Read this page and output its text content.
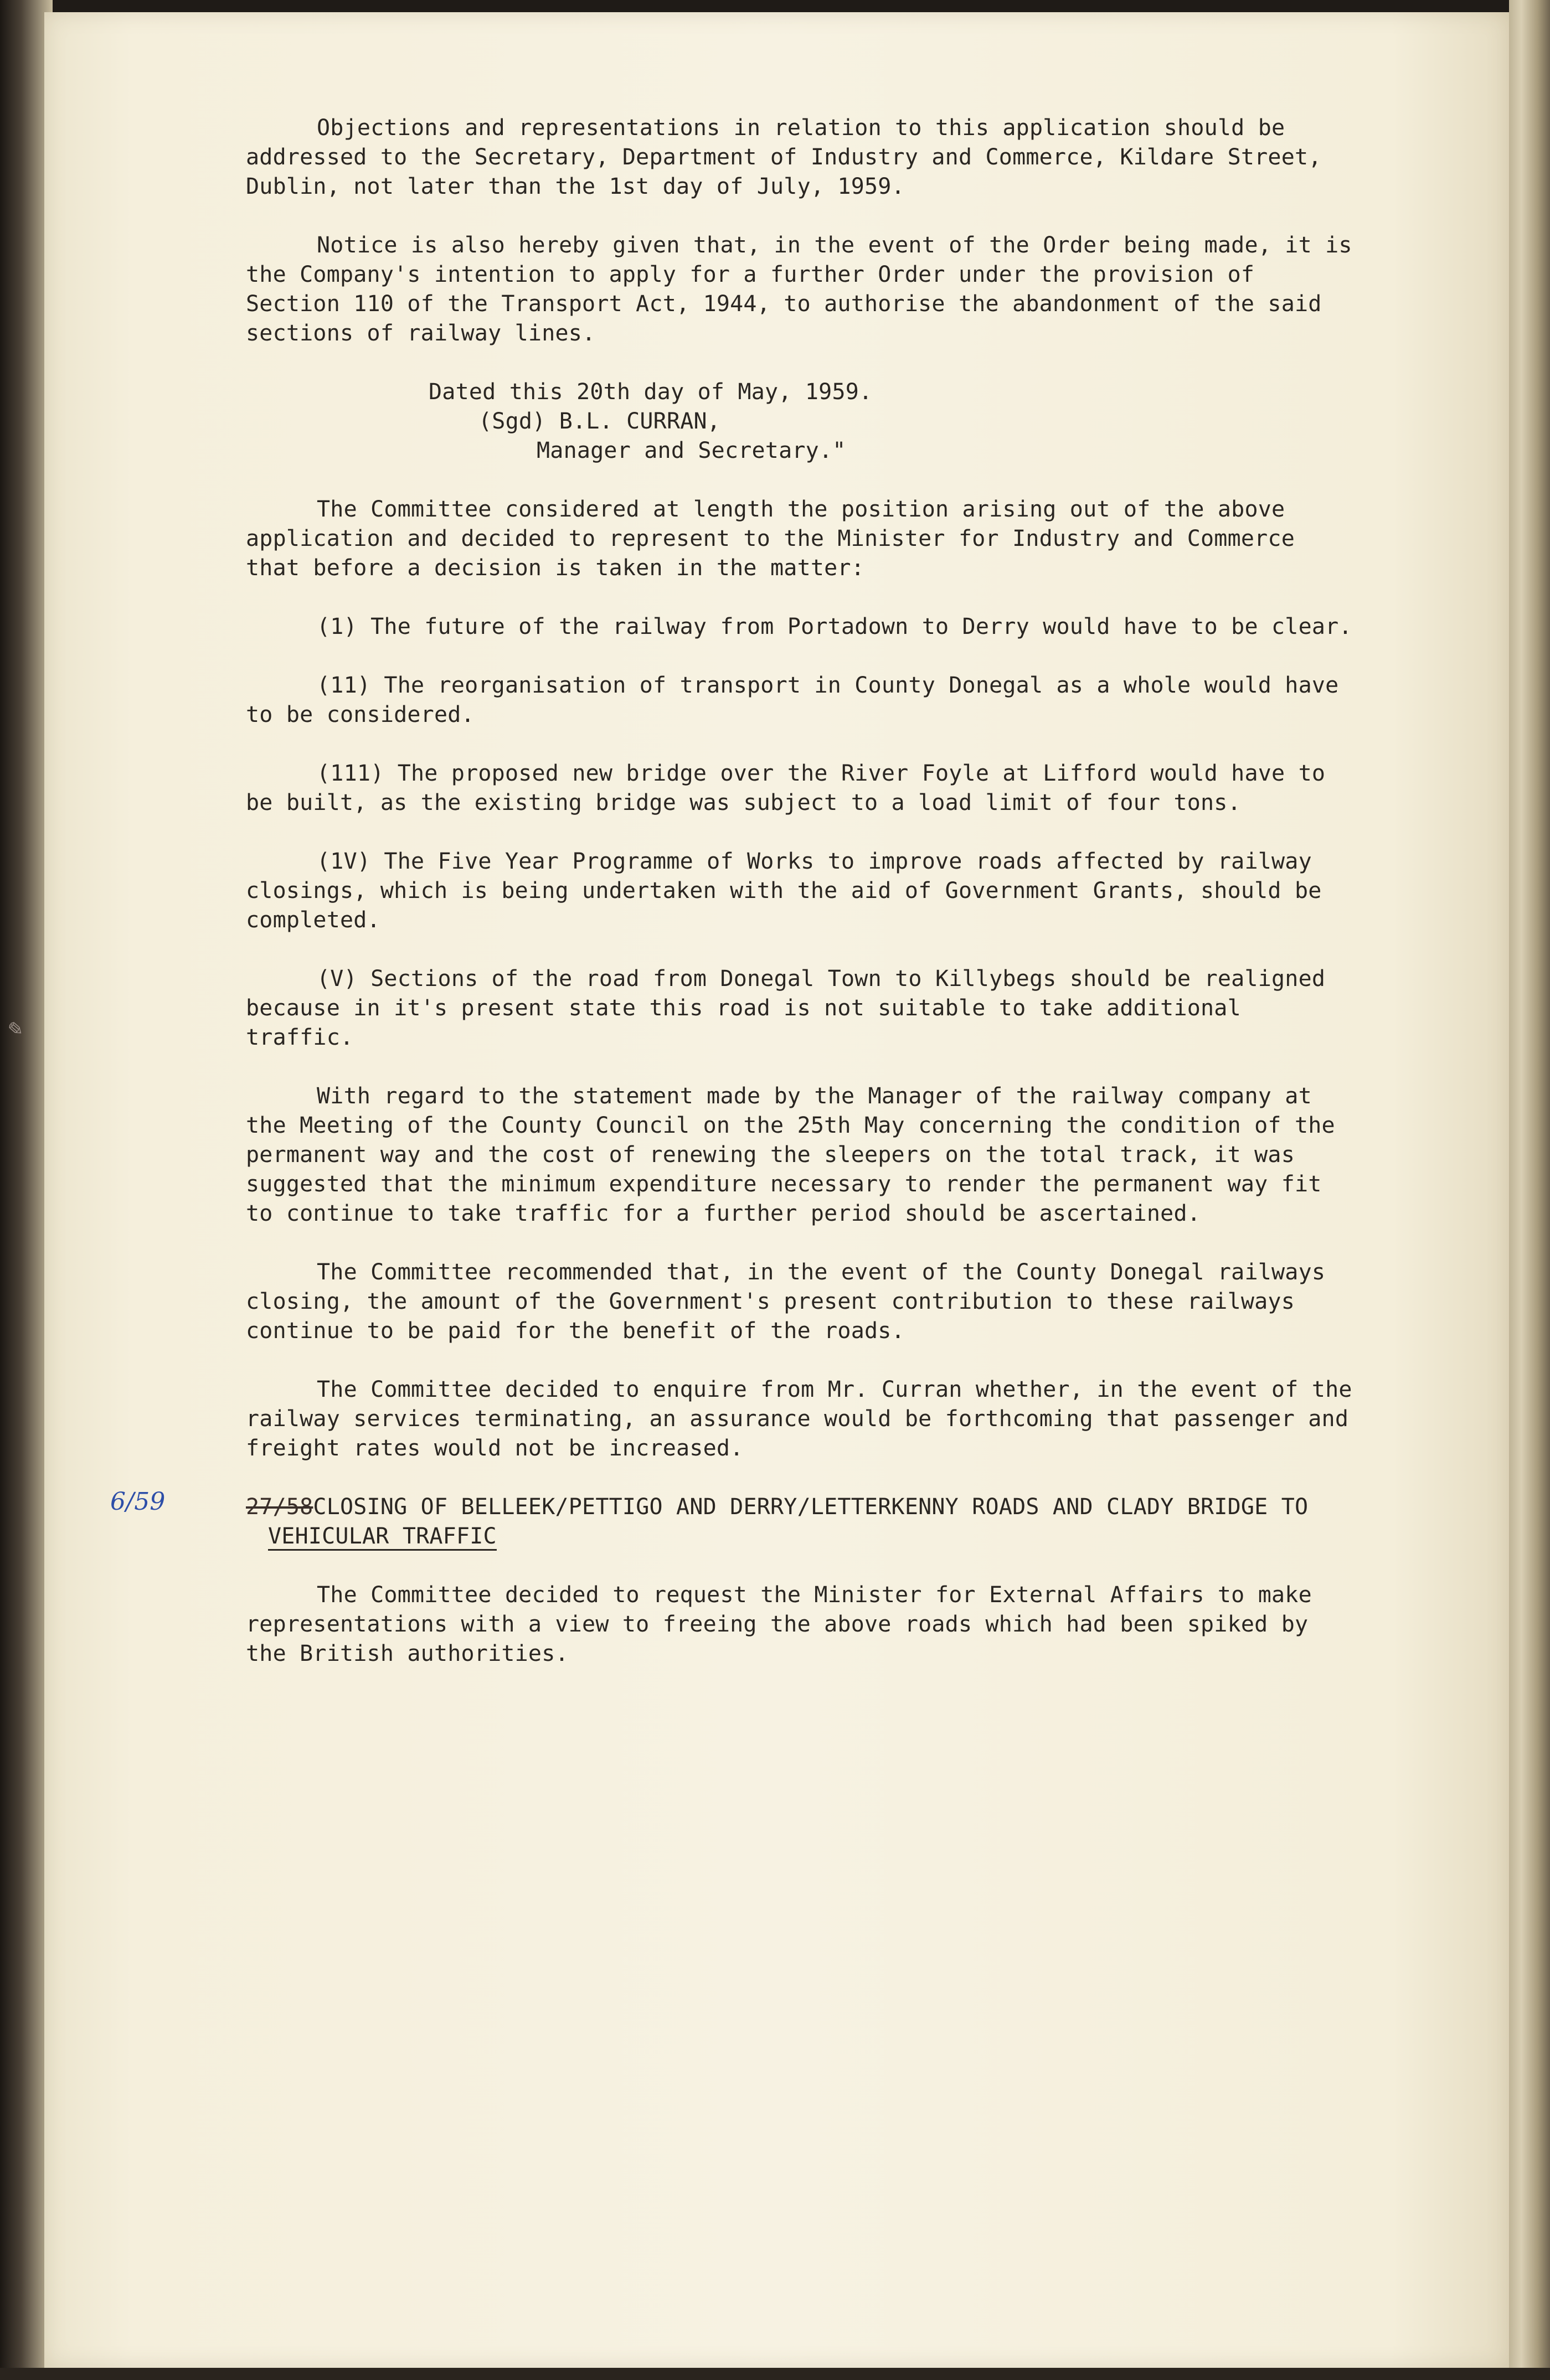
✎

Objections and representations in relation to this application should be addressed to the Secretary, Department of Industry and Commerce, Kildare Street, Dublin, not later than the 1st day of July, 1959.

Notice is also hereby given that, in the event of the Order being made, it is the Company's intention to apply for a further Order under the provision of Section 110 of the Transport Act, 1944, to authorise the abandonment of the said sections of railway lines.

Dated this 20th day of May, 1959.

(Sgd) B.L. CURRAN,

Manager and Secretary."

The Committee considered at length the position arising out of the above application and decided to represent to the Minister for Industry and Commerce that before a decision is taken in the matter:

(1) The future of the railway from Portadown to Derry would have to be clear.

(11) The reorganisation of transport in County Donegal as a whole would have to be considered.

(111) The proposed new bridge over the River Foyle at Lifford would have to be built, as the existing bridge was subject to a load limit of four tons.

(1V) The Five Year Programme of Works to improve roads affected by railway closings, which is being undertaken with the aid of Government Grants, should be completed.

(V) Sections of the road from Donegal Town to Killybegs should be realigned because in it's present state this road is not suitable to take additional traffic.

With regard to the statement made by the Manager of the railway company at the Meeting of the County Council on the 25th May concerning the condition of the permanent way and the cost of renewing the sleepers on the total track, it was suggested that the minimum expenditure necessary to render the permanent way fit to continue to take traffic for a further period should be ascertained.

The Committee recommended that, in the event of the County Donegal railways closing, the amount of the Government's present contribution to these railways continue to be paid for the benefit of the roads.

The Committee decided to enquire from Mr. Curran whether, in the event of the railway services terminating, an assurance would be forthcoming that passenger and freight rates would not be increased.

6/59	27/58CLOSING OF BELLEEK/PETTIGO AND DERRY/LETTERKENNY ROADS AND CLADY BRIDGE TO

VEHICULAR TRAFFIC

The Committee decided to request the Minister for External Affairs to make representations with a view to freeing the above roads which had been spiked by the British authorities.
